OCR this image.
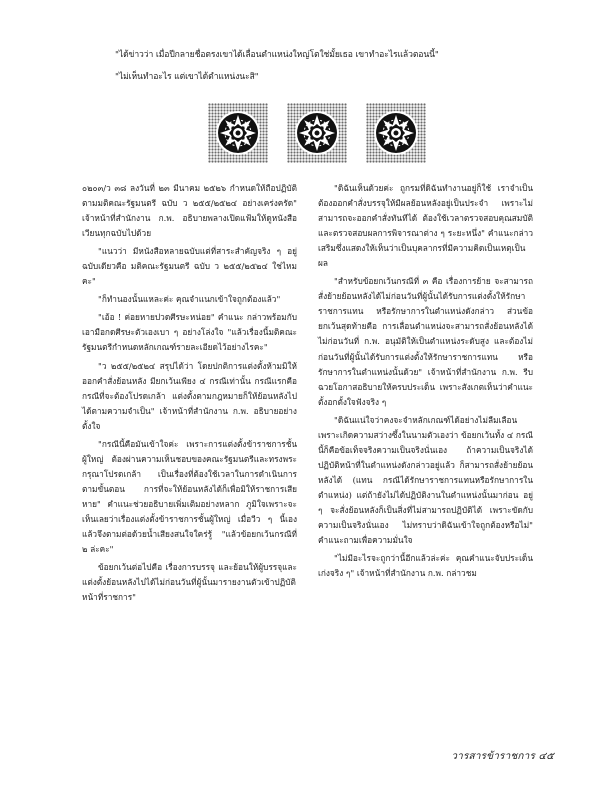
"ได้ข่าวว่า เมื่อปีกลายชื่อตรงเขาได้เลื่อนตำแหน่งใหญ่โตใช่มั้ยเธอ เขาทำอะไรแล้วตอนนี้"
"ไม่เห็นทำอะไร แต่เขาได้ตำแหน่งนะสิ"

๐๒๐๓/ว ๓๘ ลงวันที่ ๒๓ มีนาคม ๒๕๒๖ กำหนดให้ถือปฏิบัติตามมติคณะรัฐมนตรี ฉบับ ว ๒๕๕/๒๕๒๔ อย่างเคร่งครัด" เจ้าหน้าที่สำนักงาน ก.พ. อธิบายพลางเปิดแฟ้มให้ดูหนังสือเวียนทุกฉบับไปด้วย

"แนวว่า มีหนังสือหลายฉบับแต่ที่สาระสำคัญจริง ๆ อยู่ฉบับเดียวคือ มติคณะรัฐมนตรี ฉบับ ว ๒๕๕/๒๕๒๔ ใช่ไหมคะ"

"ก็ทำนองนั้นแหละค่ะ คุณจำแนกเข้าใจถูกต้องแล้ว"

"เอ้อ ! ค่อยหายปวดศีรษะหน่อย" คำแนะ กล่าวพร้อมกับเอามือกดศีรษะตัวเองเบา ๆ อย่างโล่งใจ "แล้วเรื่องนี้มติคณะรัฐมนตรีกำหนดหลักเกณฑ์รายละเอียดไว้อย่างไรคะ"

"ว ๒๕๕/๒๕๒๔ สรุปได้ว่า โดยปกติการแต่งตั้งห้ามมิให้ออกคำสั่งย้อนหลัง มียกเว้นเพียง ๔ กรณีเท่านั้น กรณีแรกคือ กรณีที่จะต้องโปรดเกล้า แต่งตั้งตามกฎหมายก็ให้ย้อนหลังไปได้ตามความจำเป็น" เจ้าหน้าที่สำนักงาน ก.พ. อธิบายอย่างตั้งใจ

"กรณีนี้คือมันเข้าใจค่ะ เพราะการแต่งตั้งข้าราชการชั้นผู้ใหญ่ ต้องผ่านความเห็นชอบของคณะรัฐมนตรีและทรงพระกรุณาโปรดเกล้า เป็นเรื่องที่ต้องใช้เวลาในการดำเนินการตามขั้นตอน การที่จะให้ย้อนหลังได้ก็เพื่อมิให้ราชการเสียหาย" คำแนะช่วยอธิบายเพิ่มเติมอย่างหลาก ภูมิใจเพราะจะเห็นเลยว่าเรื่องแต่งตั้งข้าราชการชั้นผู้ใหญ่ เมื่อวีว ๆ นี้เอง แล้วจึงตามต่อด้วยน้ำเสียงสนใจใคร่รู้ "แล้วข้อยกเว้นกรณีที่ ๒ ล่ะคะ"

ข้อยกเว้นต่อไปคือ เรื่องการบรรจุ และย้อนให้ผู้บรรจุและแต่งตั้งย้อนหลังไปได้ไม่ก่อนวันที่ผู้นั้นมารายงานตัวเข้าปฏิบัติหน้าที่ราชการ"

"ดิฉันเห็นด้วยค่ะ ถูกรมที่ดิฉันทำงานอยู่ก็ใช้ เราจำเป็นต้องออกคำสั่งบรรจุให้มีผลย้อนหลังอยู่เป็นประจำ เพราะไม่สามารถจะออกคำสั่งทันทีได้ ต้องใช้เวลาตรวจสอบคุณสมบัติ และตรวจสอบผลการพิจารณาต่าง ๆ ระยะหนึ่ง" คำแนะกล่าวเสริมซึ่งแสดงให้เห็นว่าเป็นบุคลากรที่มีความคิดเป็นเหตุเป็นผล

"สำหรับข้อยกเว้นกรณีที่ ๓ คือ เรื่องการย้าย จะสามารถสั่งย้ายย้อนหลังได้ไม่ก่อนวันที่ผู้นั้นได้รับการแต่งตั้งให้รักษาราชการแทน หรือรักษาการในตำแหน่งดังกล่าว ส่วนข้อยกเว้นสุดท้ายคือ การเลื่อนตำแหน่งจะสามารถสั่งย้อนหลังได้ไม่ก่อนวันที่ ก.พ. อนุมัติให้เป็นตำแหน่งระดับสูง และต้องไม่ก่อนวันที่ผู้นั้นได้รับการแต่งตั้งให้รักษาราชการแทน หรือรักษาการในตำแหน่งนั้นด้วย" เจ้าหน้าที่สำนักงาน ก.พ. รีบฉวยโอกาสอธิบายให้ครบประเด็น เพราะสังเกตเห็นว่าคำแนะตั้งอกตั้งใจฟังจริง ๆ

"ดิฉันแน่ใจว่าคงจะจำหลักเกณฑ์ได้อย่างไม่ลืมเลือน เพราะเกิดความสว่างซึ้งในนามตัวเองว่า ข้อยกเว้นทั้ง ๔ กรณีนี้ก็คือข้อเท็จจริงความเป็นจริงนั่นเอง ถ้าความเป็นจริงได้ปฏิบัติหน้าที่ในตำแหน่งดังกล่าวอยู่แล้ว ก็สามารถสั่งย้ายย้อนหลังได้ (แทน กรณีได้รักษาราชการแทนหรือรักษาการในตำแหน่ง) แต่ถ้ายังไม่ได้ปฏิบัติงานในตำแหน่งนั้นมาก่อน อยู่ ๆ จะสั่งย้อนหลังก็เป็นสิ่งที่ไม่สามารถปฏิบัติได้ เพราะขัดกับความเป็นจริงนั่นเอง ไม่ทราบว่าดิฉันเข้าใจถูกต้องหรือไม่" คำแนะถามเพื่อความมั่นใจ

"ไม่มีอะไรจะถูกว่านี้อีกแล้วล่ะค่ะ คุณคำแนะจับประเด็นเก่งจริง ๆ" เจ้าหน้าที่สำนักงาน ก.พ. กล่าวชม

วารสารข้าราชการ ๔๕
